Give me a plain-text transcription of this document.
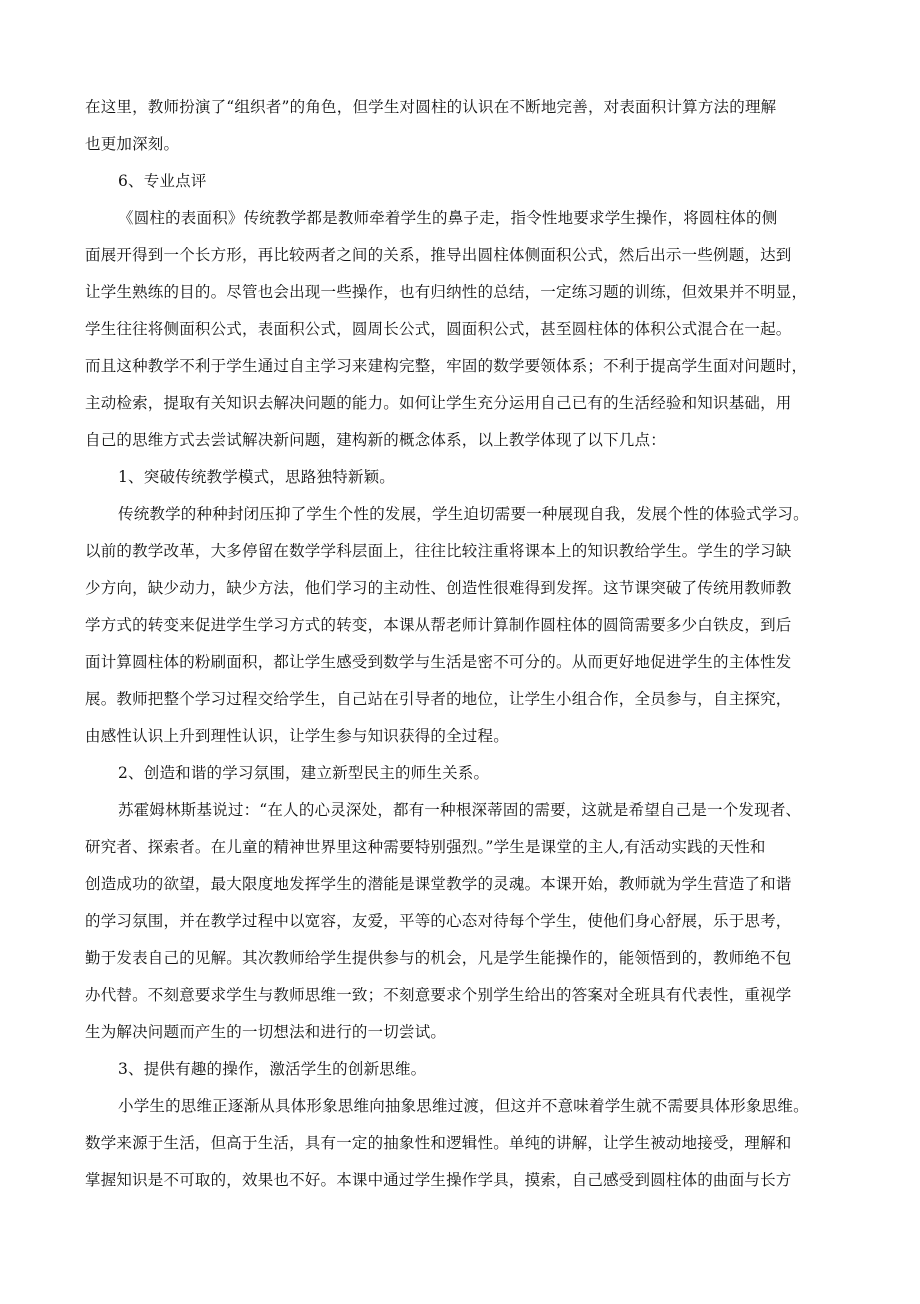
在这里，教师扮演了“组织者”的角色，但学生对圆柱的认识在不断地完善，对表面积计算方法的理解
也更加深刻。
6、专业点评
《圆柱的表面积》传统教学都是教师牵着学生的鼻子走，指令性地要求学生操作，将圆柱体的侧
面展开得到一个长方形，再比较两者之间的关系，推导出圆柱体侧面积公式，然后出示一些例题，达到
让学生熟练的目的。尽管也会出现一些操作，也有归纳性的总结，一定练习题的训练，但效果并不明显，
学生往往将侧面积公式，表面积公式，圆周长公式，圆面积公式，甚至圆柱体的体积公式混合在一起。
而且这种教学不利于学生通过自主学习来建构完整，牢固的数学要领体系；不利于提高学生面对问题时，
主动检索，提取有关知识去解决问题的能力。如何让学生充分运用自己已有的生活经验和知识基础，用
自己的思维方式去尝试解决新问题，建构新的概念体系，以上教学体现了以下几点：
1、突破传统教学模式，思路独特新颖。
传统教学的种种封闭压抑了学生个性的发展，学生迫切需要一种展现自我，发展个性的体验式学习。
以前的教学改革，大多停留在数学学科层面上，往往比较注重将课本上的知识教给学生。学生的学习缺
少方向，缺少动力，缺少方法，他们学习的主动性、创造性很难得到发挥。这节课突破了传统用教师教
学方式的转变来促进学生学习方式的转变，本课从帮老师计算制作圆柱体的圆筒需要多少白铁皮，到后
面计算圆柱体的粉刷面积，都让学生感受到数学与生活是密不可分的。从而更好地促进学生的主体性发
展。教师把整个学习过程交给学生，自己站在引导者的地位，让学生小组合作，全员参与，自主探究，
由感性认识上升到理性认识，让学生参与知识获得的全过程。
2、创造和谐的学习氛围，建立新型民主的师生关系。
苏霍姆林斯基说过：“在人的心灵深处，都有一种根深蒂固的需要，这就是希望自己是一个发现者、
研究者、探索者。在儿童的精神世界里这种需要特别强烈。”学生是课堂的主人,有活动实践的天性和
创造成功的欲望，最大限度地发挥学生的潜能是课堂教学的灵魂。本课开始，教师就为学生营造了和谐
的学习氛围，并在教学过程中以宽容，友爱，平等的心态对待每个学生，使他们身心舒展，乐于思考，
勤于发表自己的见解。其次教师给学生提供参与的机会，凡是学生能操作的，能领悟到的，教师绝不包
办代替。不刻意要求学生与教师思维一致；不刻意要求个别学生给出的答案对全班具有代表性，重视学
生为解决问题而产生的一切想法和进行的一切尝试。
3、提供有趣的操作，激活学生的创新思维。
小学生的思维正逐渐从具体形象思维向抽象思维过渡，但这并不意味着学生就不需要具体形象思维。
数学来源于生活，但高于生活，具有一定的抽象性和逻辑性。单纯的讲解，让学生被动地接受，理解和
掌握知识是不可取的，效果也不好。本课中通过学生操作学具，摸索，自己感受到圆柱体的曲面与长方
